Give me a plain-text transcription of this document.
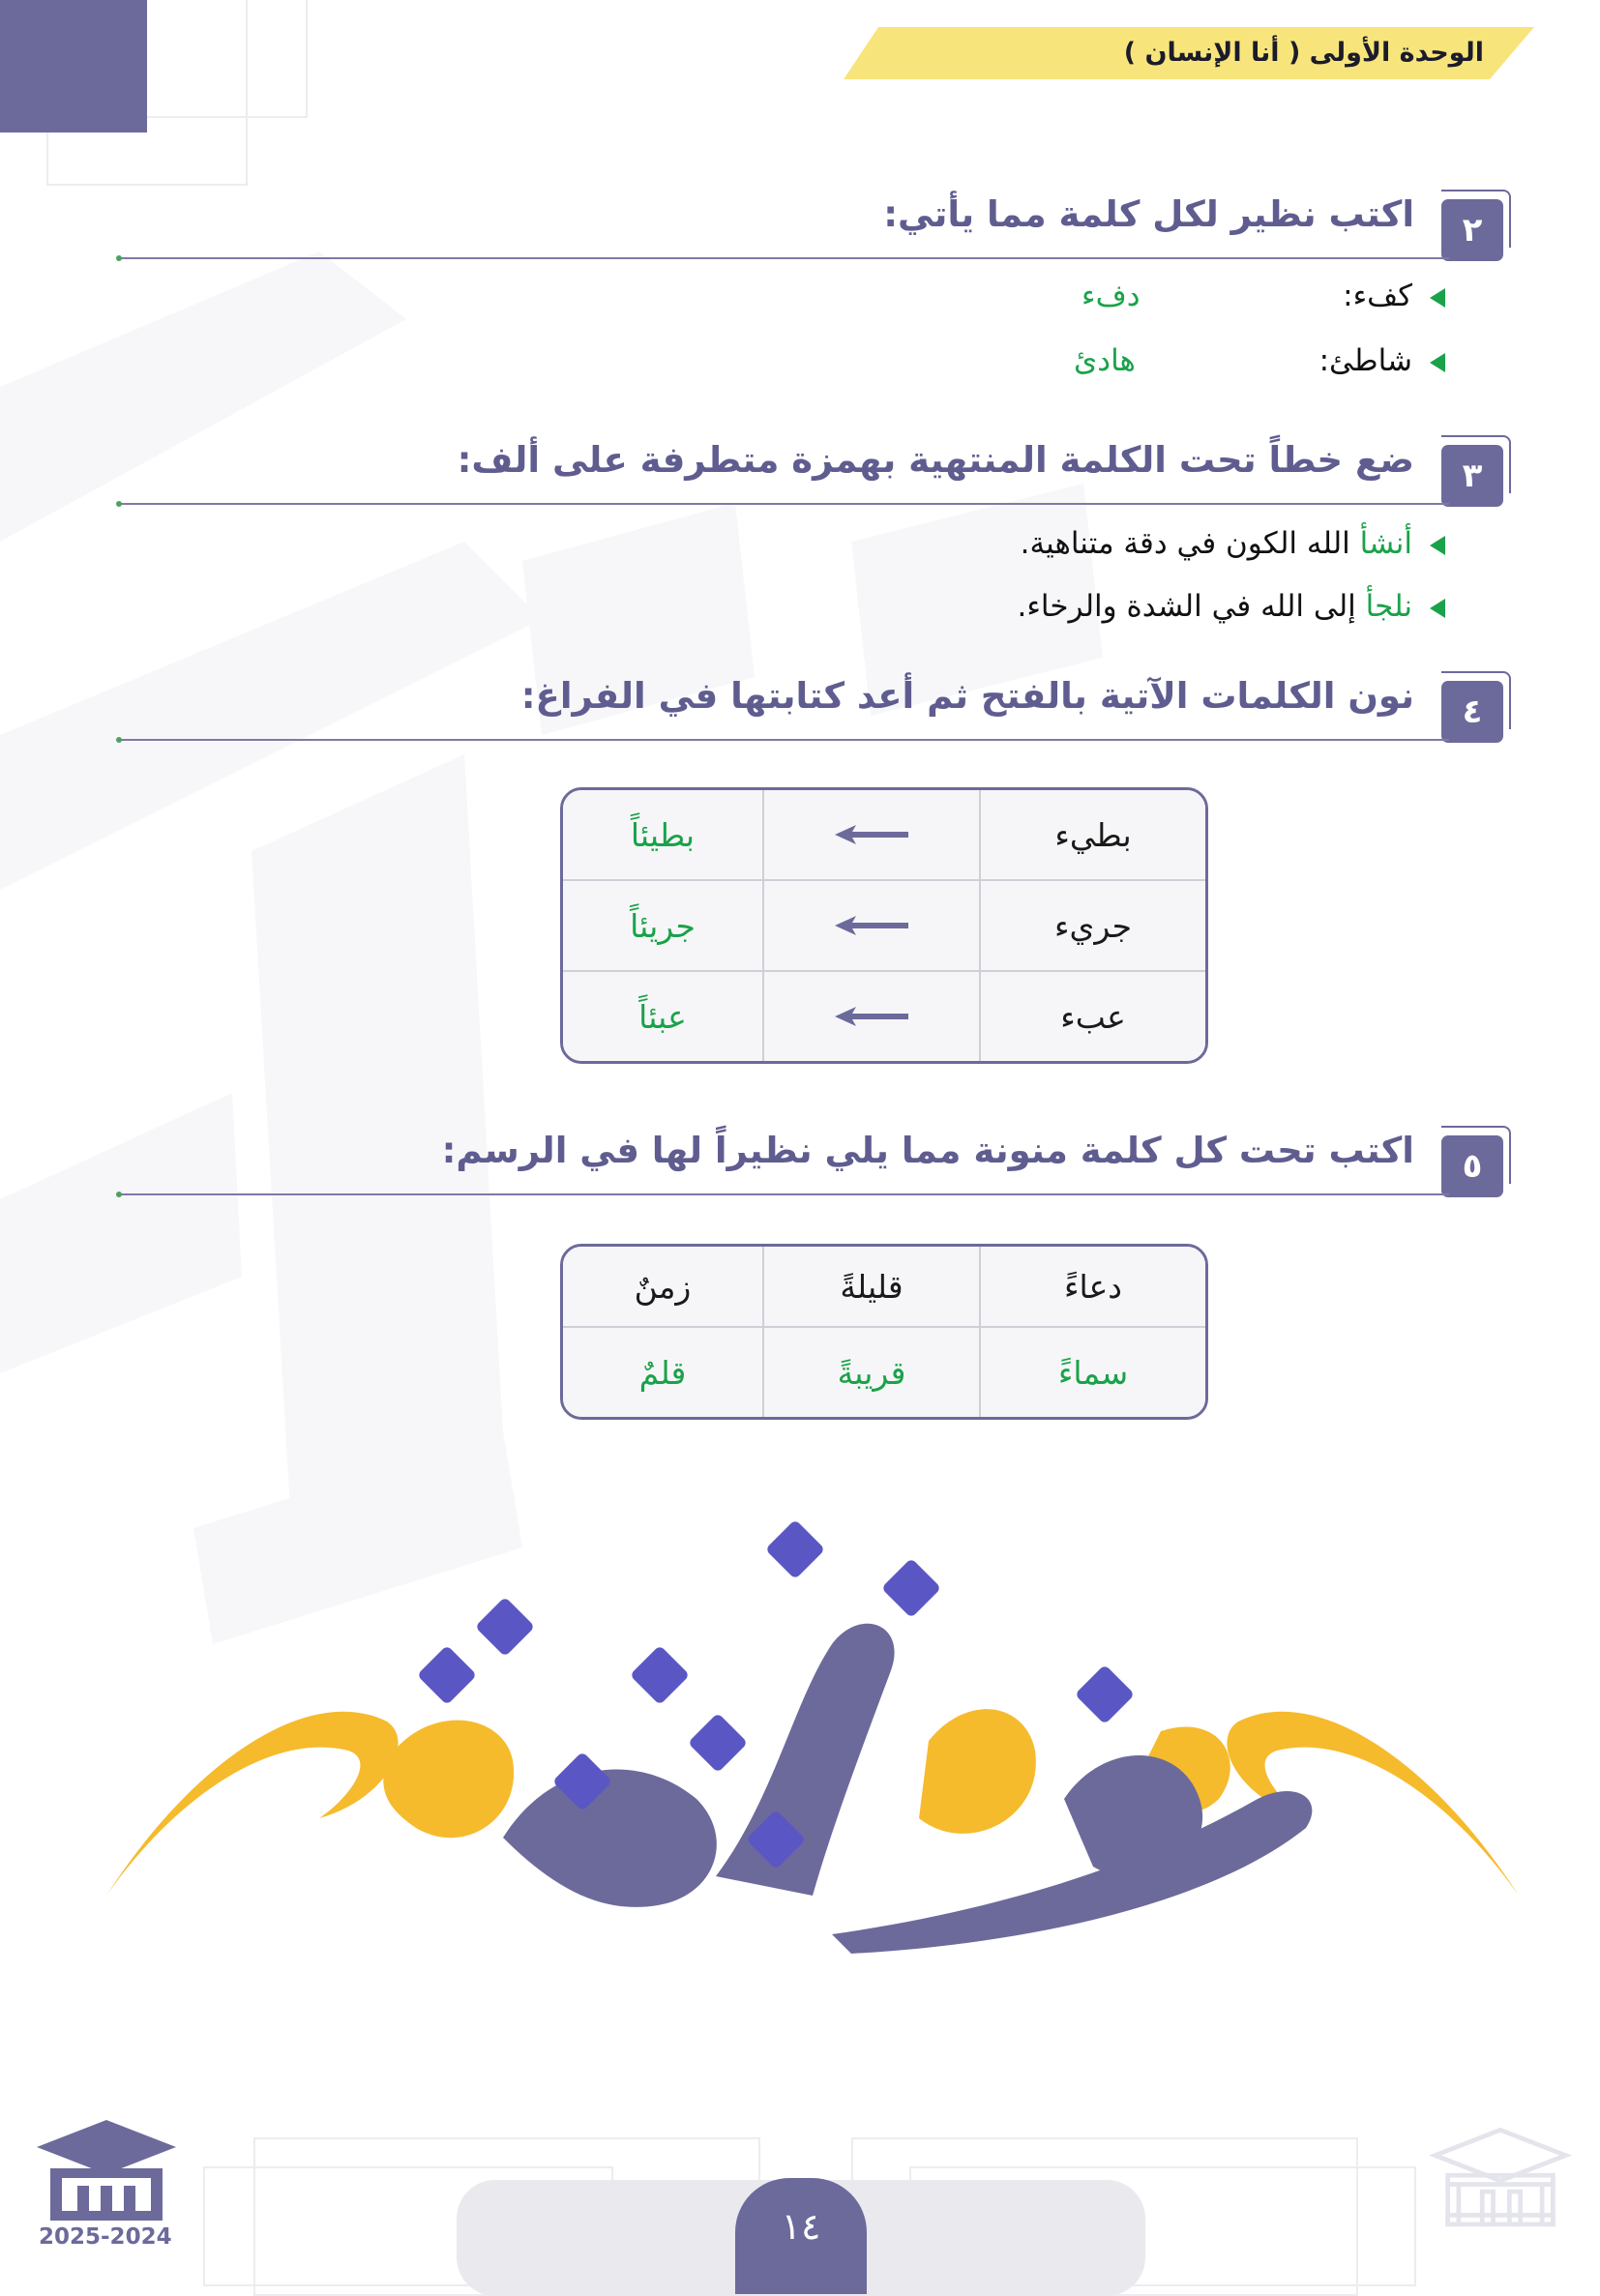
الوحدة الأولى ( أنا الإنسان )
٢
اكتب نظير لكل كلمة مما يأتي:
كفء:
دفء
شاطئ:
هادئ
٣
ضع خطاً تحت الكلمة المنتهية بهمزة متطرفة على ألف:
أنشأ الله الكون في دقة متناهية.
نلجأ إلى الله في الشدة والرخاء.
٤
نون الكلمات الآتية بالفتح ثم أعد كتابتها في الفراغ:
بطيء		بطيئاً
جريء		جريئاً
عبء		عبئاً
٥
اكتب تحت كل كلمة منونة مما يلي نظيراً لها في الرسم:
دعاءً	قليلةً	زمنٌ
سماءً	قريبةً	قلمٌ
١٤
2025-2024
